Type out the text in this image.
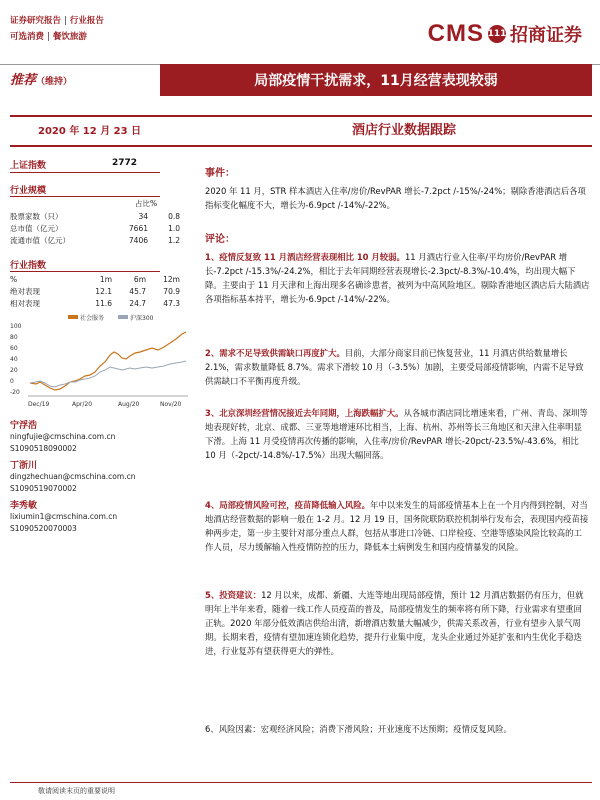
证券研究报告 | 行业报告
可选消费 | 餐饮旅游	CMS 111 招商证券
推荐（维持）	局部疫情干扰需求，11月经营表现较弱
2020 年 12 月 23 日	酒店行业数据跟踪
上证指数	2772
行业规模
占比%
股票家数（只）	34	0.8
总市值（亿元）	7661	1.0
流通市值（亿元）	7406	1.2
行业指数
%	1m	6m	12m
绝对表现	12.1	45.7	70.9
相对表现	11.6	24.7	47.3
社会服务	沪深300
100
80
60
40
20
0
-20
Dec/19	Apr/20	Aug/20	Nov/20
宁浮浩
ningfujie@cmschina.com.cn
S1090518090002
丁浙川
dingzhechuan@cmschina.com.cn
S1090519070002
李秀敏
lixiumin1@cmschina.com.cn
S1090520070003
事件：

2020 年 11 月，STR 样本酒店入住率/房价/RevPAR 增长-7.2pct /-15%/-24%；剔除香港酒店后各项指标变化幅度不大，增长为-6.9pct /-14%/-22%。

评论：

1、疫情反复致 11 月酒店经营表现相比 10 月较弱。11 月酒店行业入住率/平均房价/RevPAR 增长-7.2pct /-15.3%/-24.2%，相比于去年同期经营表现增长-2.3pct/-8.3%/-10.4%，均出现大幅下降。主要由于 11 月天津和上海出现多名确诊患者，被列为中高风险地区。剔除香港地区酒店后大陆酒店各项指标基本持平，增长为-6.9pct /-14%/-22%。

2、需求不足导致供需缺口再度扩大。目前，大部分商家目前已恢复营业，11 月酒店供给数量增长 2.1%，需求数量降低 8.7%。需求下滑较 10 月（-3.5%）加剧，主要受局部疫情影响，内需不足导致供需缺口不平衡再度升级。

3、北京深圳经营情况接近去年同期，上海跌幅扩大。从各城市酒店同比增速来看，广州、青岛、深圳等地表现好转，北京、成都、三亚等地增速环比相当，上海、杭州、苏州等长三角地区和天津入住率明显下滑。上海 11 月受疫情再次传播的影响，入住率/房价/RevPAR 增长-20pct/-23.5%/-43.6%，相比 10 月（-2pct/-14.8%/-17.5%）出现大幅回落。

4、局部疫情风险可控，疫苗降低输入风险。年中以来发生的局部疫情基本上在一个月内得到控制，对当地酒店经营数据的影响一般在 1-2 月。12 月 19 日，国务院联防联控机制举行发布会，表现国内疫苗接种两步走，第一步主要针对部分重点人群，包括从事进口冷链、口岸检疫、空港等感染风险比较高的工作人员，尽力缓解输入性疫情防控的压力，降低本土病例发生和国内疫情暴发的风险。

5、投资建议：12 月以来，成都、新疆、大连等地出现局部疫情，预计 12 月酒店数据仍有压力，但就明年上半年来看，随着一线工作人员疫苗的普及，局部疫情发生的频率将有所下降，行业需求有望重回正轨。2020 年部分低效酒店供给出清，新增酒店数量大幅减少，供需关系改善，行业有望步入景气周期。长期来看，疫情有望加速连锁化趋势，提升行业集中度，龙头企业通过外延扩张和内生优化手稳迭进，行业复苏有望获得更大的弹性。

6、风险因素：宏观经济风险；消费下滑风险；开业速度不达预期；疫情反复风险。

敬请阅读末页的重要说明
